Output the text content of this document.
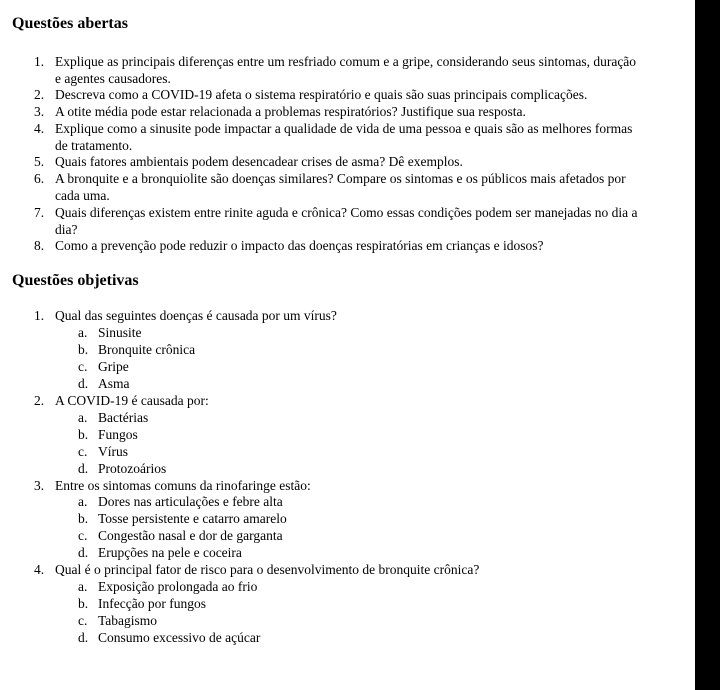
Questões abertas
1. Explique as principais diferenças entre um resfriado comum e a gripe, considerando seus sintomas, duração e agentes causadores.
2. Descreva como a COVID-19 afeta o sistema respiratório e quais são suas principais complicações.
3. A otite média pode estar relacionada a problemas respiratórios? Justifique sua resposta.
4. Explique como a sinusite pode impactar a qualidade de vida de uma pessoa e quais são as melhores formas de tratamento.
5. Quais fatores ambientais podem desencadear crises de asma? Dê exemplos.
6. A bronquite e a bronquiolite são doenças similares? Compare os sintomas e os públicos mais afetados por cada uma.
7. Quais diferenças existem entre rinite aguda e crônica? Como essas condições podem ser manejadas no dia a dia?
8. Como a prevenção pode reduzir o impacto das doenças respiratórias em crianças e idosos?
Questões objetivas
1. Qual das seguintes doenças é causada por um vírus?
a. Sinusite
b. Bronquite crônica
c. Gripe
d. Asma
2. A COVID-19 é causada por:
a. Bactérias
b. Fungos
c. Vírus
d. Protozoários
3. Entre os sintomas comuns da rinofaringe estão:
a. Dores nas articulações e febre alta
b. Tosse persistente e catarro amarelo
c. Congestão nasal e dor de garganta
d. Erupções na pele e coceira
4. Qual é o principal fator de risco para o desenvolvimento de bronquite crônica?
a. Exposição prolongada ao frio
b. Infecção por fungos
c. Tabagismo
d. Consumo excessivo de açúcar
